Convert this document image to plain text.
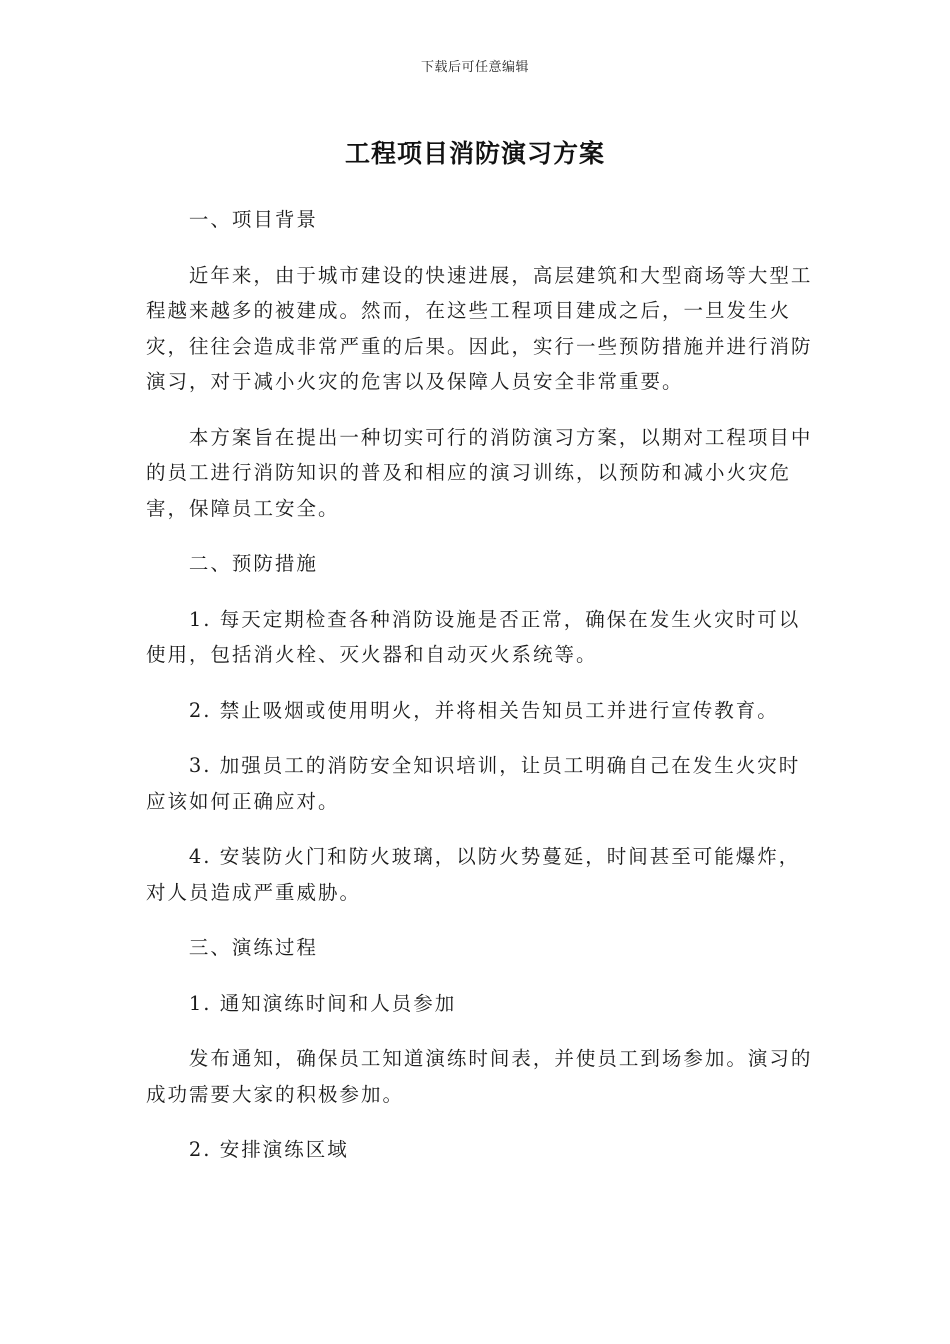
下载后可任意编辑
工程项目消防演习方案

一、项目背景

近年来，由于城市建设的快速进展，高层建筑和大型商场等大型工程越来越多的被建成。然而，在这些工程项目建成之后，一旦发生火灾，往往会造成非常严重的后果。因此，实行一些预防措施并进行消防演习，对于减小火灾的危害以及保障人员安全非常重要。

本方案旨在提出一种切实可行的消防演习方案，以期对工程项目中的员工进行消防知识的普及和相应的演习训练，以预防和减小火灾危害，保障员工安全。

二、预防措施

1. 每天定期检查各种消防设施是否正常，确保在发生火灾时可以使用，包括消火栓、灭火器和自动灭火系统等。

2. 禁止吸烟或使用明火，并将相关告知员工并进行宣传教育。

3. 加强员工的消防安全知识培训，让员工明确自己在发生火灾时应该如何正确应对。

4. 安装防火门和防火玻璃，以防火势蔓延，时间甚至可能爆炸，对人员造成严重威胁。

三、演练过程

1. 通知演练时间和人员参加

发布通知，确保员工知道演练时间表，并使员工到场参加。演习的成功需要大家的积极参加。

2. 安排演练区域
